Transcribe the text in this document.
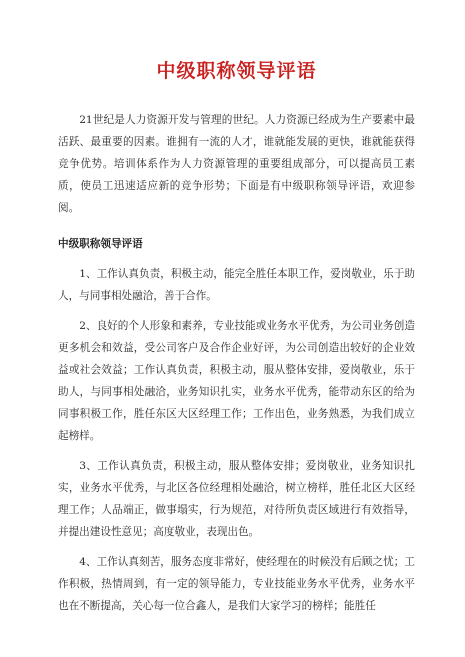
中级职称领导评语

21世纪是人力资源开发与管理的世纪。人力资源已经成为生产要素中最活跃、最重要的因素。谁拥有一流的人才，谁就能发展的更快，谁就能获得竞争优势。培训体系作为人力资源管理的重要组成部分，可以提高员工素质，使员工迅速适应新的竞争形势；下面是有中级职称领导评语，欢迎参阅。

中级职称领导评语

1、工作认真负责，积极主动，能完全胜任本职工作，爱岗敬业，乐于助人，与同事相处融洽，善于合作。

2、良好的个人形象和素养，专业技能或业务水平优秀，为公司业务创造更多机会和效益，受公司客户及合作企业好评，为公司创造出较好的企业效益或社会效益；工作认真负责，积极主动，服从整体安排，爱岗敬业，乐于助人，与同事相处融洽，业务知识扎实，业务水平优秀，能带动东区的给为同事积极工作，胜任东区大区经理工作；工作出色，业务熟悉，为我们成立起榜样。

3、工作认真负责，积极主动，服从整体安排；爱岗敬业，业务知识扎实，业务水平优秀，与北区各位经理相处融洽，树立榜样，胜任北区大区经理工作；人品端正，做事塌实，行为规范，对待所负责区域进行有效指导，并提出建设性意见；高度敬业，表现出色。

4、工作认真刻苦，服务态度非常好，使经理在的时候没有后顾之忧；工作积极，热情周到，有一定的领导能力，专业技能业务水平优秀，业务水平也在不断提高，关心每一位合鑫人，是我们大家学习的榜样；能胜任
